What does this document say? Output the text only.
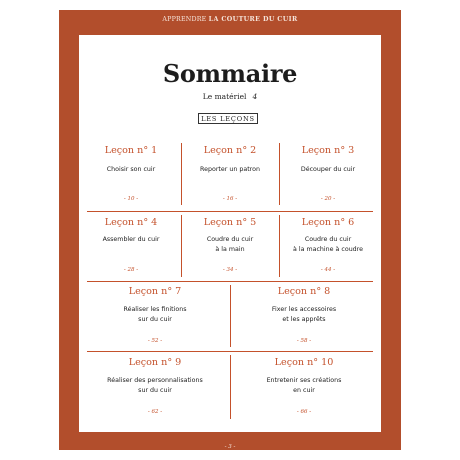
APPRENDRE LA COUTURE DU CUIR
Sommaire
Le matériel 4
LES LEÇONS
Leçon n° 1
Choisir son cuir
- 10 -
Leçon n° 2
Reporter un patron
- 16 -
Leçon n° 3
Découper du cuir
- 20 -
Leçon n° 4
Assembler du cuir
- 28 -
Leçon n° 5
Coudre du cuir
à la main
- 34 -
Leçon n° 6
Coudre du cuir
à la machine à coudre
- 44 -
Leçon n° 7
Réaliser les finitions
sur du cuir
- 52 -
Leçon n° 8
Fixer les accessoires
et les apprêts
- 58 -
Leçon n° 9
Réaliser des personnalisations
sur du cuir
- 62 -
Leçon n° 10
Entretenir ses créations
en cuir
- 66 -
- 3 -
